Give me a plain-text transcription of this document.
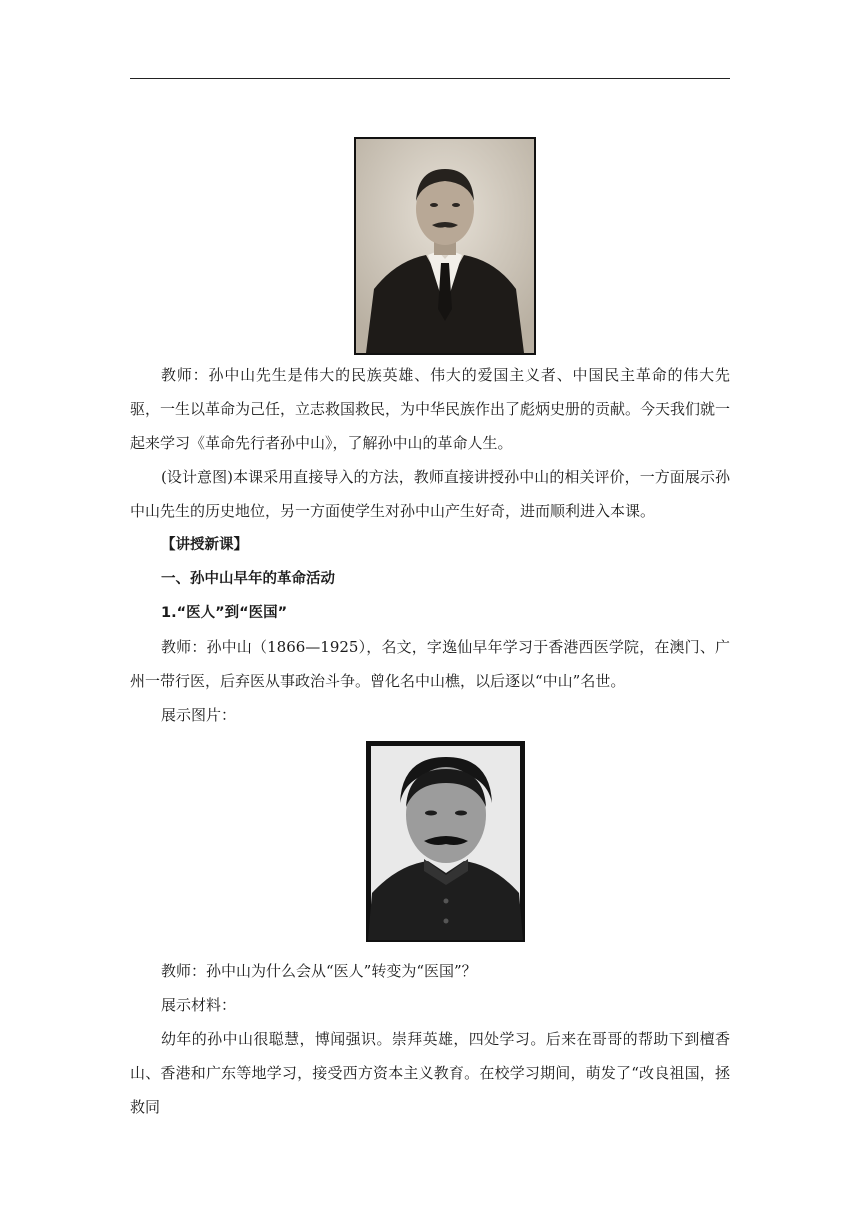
教师：孙中山先生是伟大的民族英雄、伟大的爱国主义者、中国民主革命的伟大先驱，一生以革命为己任，立志救国救民，为中华民族作出了彪炳史册的贡献。今天我们就一起来学习《革命先行者孙中山》，了解孙中山的革命人生。

(设计意图)本课采用直接导入的方法，教师直接讲授孙中山的相关评价，一方面展示孙中山先生的历史地位，另一方面使学生对孙中山产生好奇，进而顺利进入本课。

【讲授新课】

一、孙中山早年的革命活动

1.“医人”到“医国”

教师：孙中山（1866—1925），名文，字逸仙早年学习于香港西医学院，在澳门、广州一带行医，后弃医从事政治斗争。曾化名中山樵，以后逐以“中山”名世。

展示图片：

教师：孙中山为什么会从“医人”转变为“医国”？

展示材料：

幼年的孙中山很聪慧，博闻强识。崇拜英雄，四处学习。后来在哥哥的帮助下到檀香山、香港和广东等地学习，接受西方资本主义教育。在校学习期间，萌发了“改良祖国，拯救同
